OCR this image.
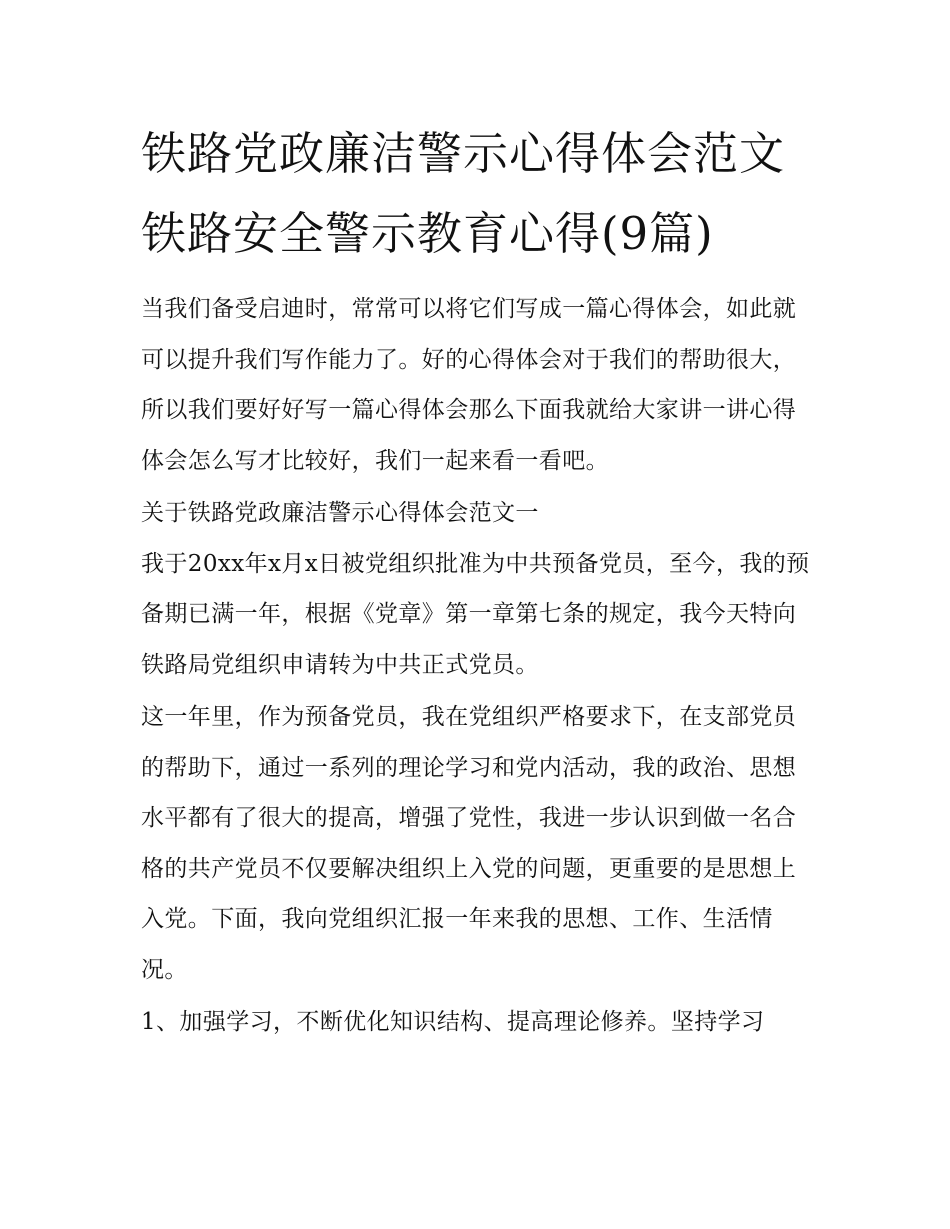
铁路党政廉洁警示心得体会范文 铁路安全警示教育心得(9篇)

当我们备受启迪时，常常可以将它们写成一篇心得体会，如此就可以提升我们写作能力了。好的心得体会对于我们的帮助很大，所以我们要好好写一篇心得体会那么下面我就给大家讲一讲心得体会怎么写才比较好，我们一起来看一看吧。

关于铁路党政廉洁警示心得体会范文一

我于20xx年x月x日被党组织批准为中共预备党员，至今，我的预备期已满一年，根据《党章》第一章第七条的规定，我今天特向铁路局党组织申请转为中共正式党员。

这一年里，作为预备党员，我在党组织严格要求下，在支部党员的帮助下，通过一系列的理论学习和党内活动，我的政治、思想水平都有了很大的提高，增强了党性，我进一步认识到做一名合格的共产党员不仅要解决组织上入党的问题，更重要的是思想上入党。下面，我向党组织汇报一年来我的思想、工作、生活情况。

1、加强学习，不断优化知识结构、提高理论修养。坚持学习
